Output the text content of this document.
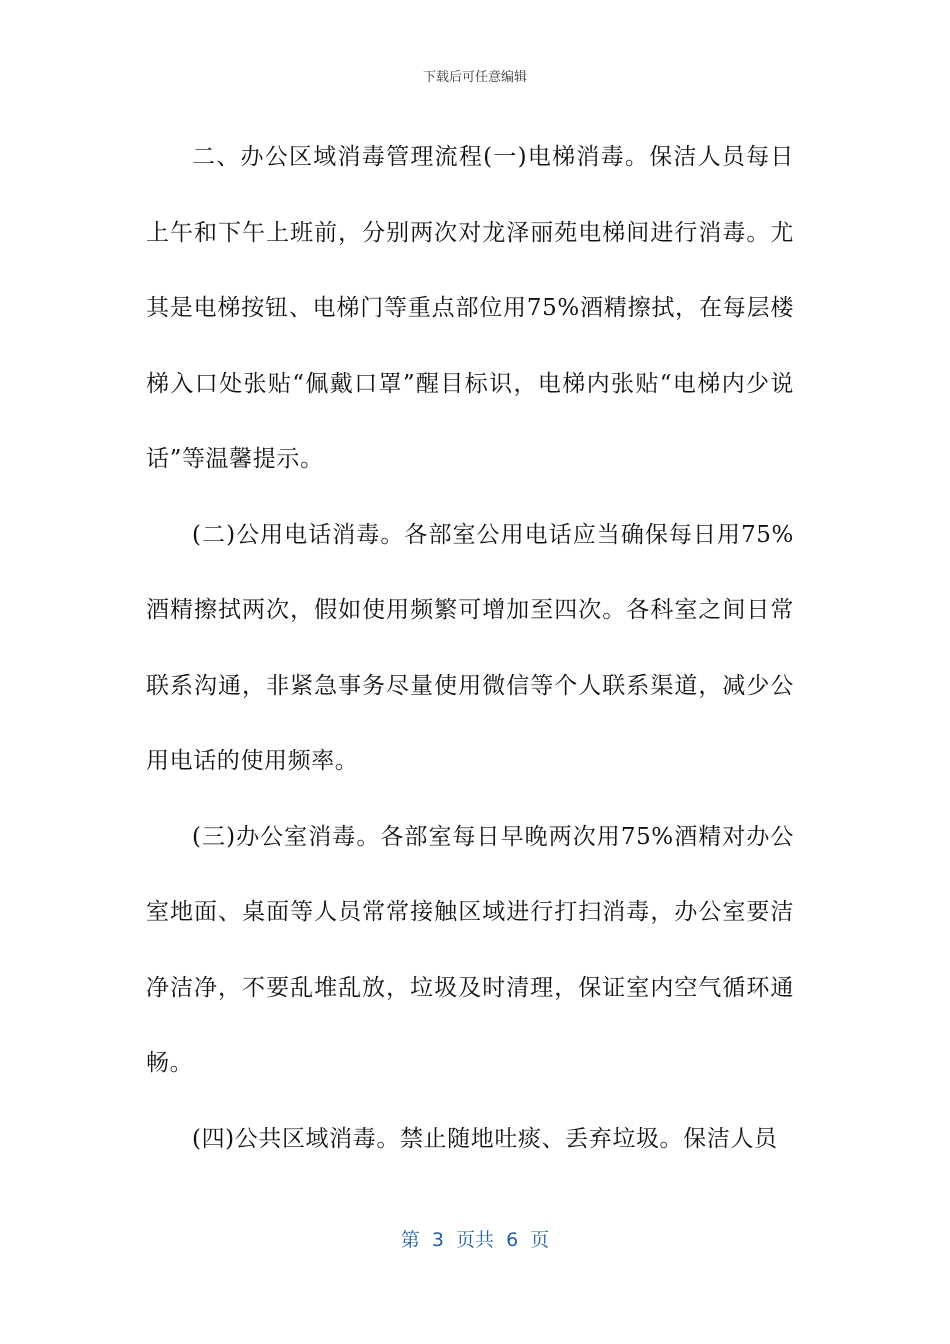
下载后可任意编辑

二、办公区域消毒管理流程(一)电梯消毒。保洁人员每日上午和下午上班前，分别两次对龙泽丽苑电梯间进行消毒。尤其是电梯按钮、电梯门等重点部位用75%酒精擦拭，在每层楼梯入口处张贴“佩戴口罩”醒目标识，电梯内张贴“电梯内少说话”等温馨提示。

(二)公用电话消毒。各部室公用电话应当确保每日用75%酒精擦拭两次，假如使用频繁可增加至四次。各科室之间日常联系沟通，非紧急事务尽量使用微信等个人联系渠道，减少公用电话的使用频率。

(三)办公室消毒。各部室每日早晚两次用75%酒精对办公室地面、桌面等人员常常接触区域进行打扫消毒，办公室要洁净洁净，不要乱堆乱放，垃圾及时清理，保证室内空气循环通畅。

(四)公共区域消毒。禁止随地吐痰、丢弃垃圾。保洁人员

第  3  页共  6  页
